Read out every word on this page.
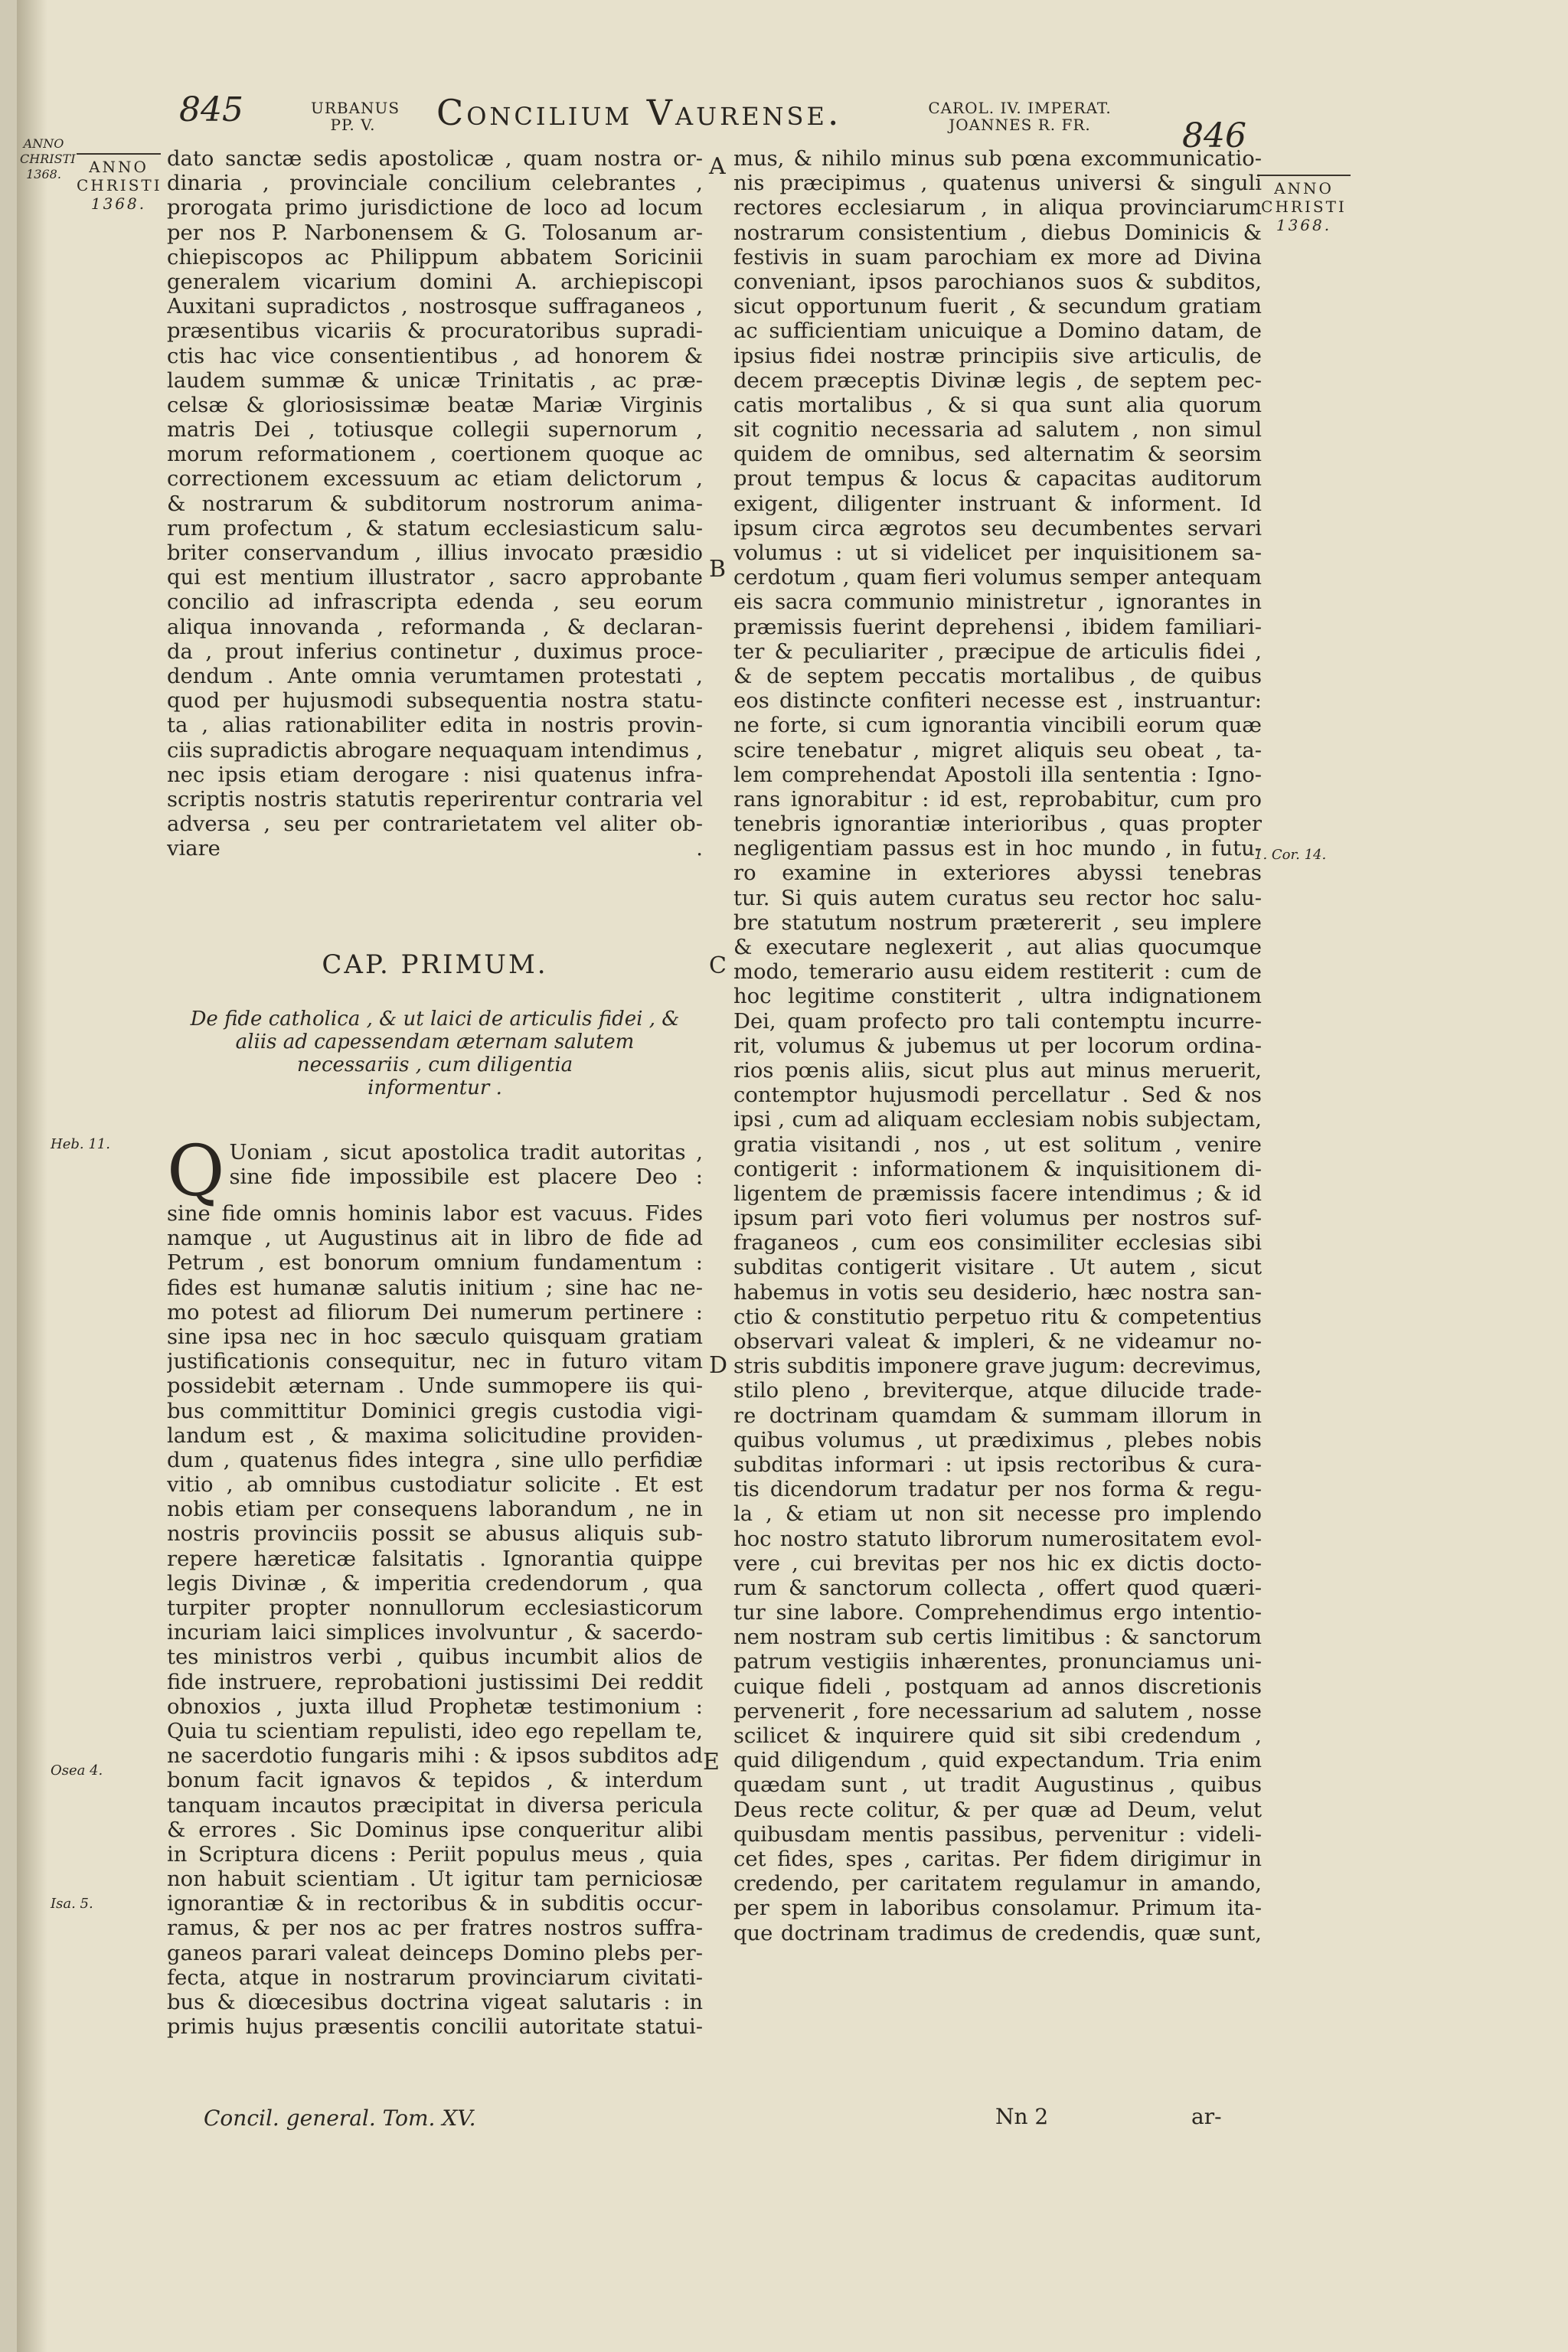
ANNO
CHRISTI
1368.
845	URBANUS
PP. V.	Concilium Vaurense.	CAROL. IV. IMPERAT.
JOANNES R. FR.	846
ANNO
CHRISTI
1368.
ANNO
CHRISTI
1368.
dato sanctæ sedis apostolicæ , quam nostra or-
dinaria , provinciale concilium celebrantes ,
prorogata primo jurisdictione de loco ad locum
per nos P. Narbonensem & G. Tolosanum ar-
chiepiscopos ac Philippum abbatem Soricinii
generalem vicarium domini A. archiepiscopi
Auxitani supradictos , nostrosque suffraganeos ,
præsentibus vicariis & procuratoribus supradi-
ctis hac vice consentientibus , ad honorem &
laudem summæ & unicæ Trinitatis , ac præ-
celsæ & gloriosissimæ beatæ Mariæ Virginis
matris Dei , totiusque collegii supernorum ,
morum reformationem , coertionem quoque ac
correctionem excessuum ac etiam delictorum ,
& nostrarum & subditorum nostrorum anima-
rum profectum , & statum ecclesiasticum salu-
briter conservandum , illius invocato præsidio
qui est mentium illustrator , sacro approbante
concilio ad infrascripta edenda , seu eorum
aliqua innovanda , reformanda , & declaran-
da , prout inferius continetur , duximus proce-
dendum . Ante omnia verumtamen protestati ,
quod per hujusmodi subsequentia nostra statu-
ta , alias rationabiliter edita in nostris provin-
ciis supradictis abrogare nequaquam intendimus ,
nec ipsis etiam derogare : nisi quatenus infra-
scriptis nostris statutis reperirentur contraria vel
adversa , seu per contrarietatem vel aliter ob-
viare .
CAP. PRIMUM.
De fide catholica , & ut laici de articulis fidei , &
aliis ad capessendam æternam salutem
necessariis , cum diligentia
informentur .
Q Uoniam , sicut apostolica tradit autoritas ,
sine fide impossibile est placere Deo :
sine fide omnis hominis labor est vacuus. Fides
namque , ut Augustinus ait in libro de fide ad
Petrum , est bonorum omnium fundamentum :
fides est humanæ salutis initium ; sine hac ne-
mo potest ad filiorum Dei numerum pertinere :
sine ipsa nec in hoc sæculo quisquam gratiam
justificationis consequitur, nec in futuro vitam
possidebit æternam . Unde summopere iis qui-
bus committitur Dominici gregis custodia vigi-
landum est , & maxima solicitudine providen-
dum , quatenus fides integra , sine ullo perfidiæ
vitio , ab omnibus custodiatur solicite . Et est
nobis etiam per consequens laborandum , ne in
nostris provinciis possit se abusus aliquis sub-
repere hæreticæ falsitatis . Ignorantia quippe
legis Divinæ , & imperitia credendorum , qua
turpiter propter nonnullorum ecclesiasticorum
incuriam laici simplices involvuntur , & sacerdo-
tes ministros verbi , quibus incumbit alios de
fide instruere, reprobationi justissimi Dei reddit
obnoxios , juxta illud Prophetæ testimonium :
Quia tu scientiam repulisti, ideo ego repellam te,
ne sacerdotio fungaris mihi : & ipsos subditos ad
bonum facit ignavos & tepidos , & interdum
tanquam incautos præcipitat in diversa pericula
& errores . Sic Dominus ipse conqueritur alibi
in Scriptura dicens : Periit populus meus , quia
non habuit scientiam . Ut igitur tam perniciosæ
ignorantiæ & in rectoribus & in subditis occur-
ramus, & per nos ac per fratres nostros suffra-
ganeos parari valeat deinceps Domino plebs per-
fecta, atque in nostrarum provinciarum civitati-
bus & diœcesibus doctrina vigeat salutaris : in
primis hujus præsentis concilii autoritate statui-
mus, & nihilo minus sub pœna excommunicatio-
nis præcipimus , quatenus universi & singuli
rectores ecclesiarum , in aliqua provinciarum
nostrarum consistentium , diebus Dominicis &
festivis in suam parochiam ex more ad Divina
conveniant, ipsos parochianos suos & subditos,
sicut opportunum fuerit , & secundum gratiam
ac sufficientiam unicuique a Domino datam, de
ipsius fidei nostræ principiis sive articulis, de
decem præceptis Divinæ legis , de septem pec-
catis mortalibus , & si qua sunt alia quorum
sit cognitio necessaria ad salutem , non simul
quidem de omnibus, sed alternatim & seorsim
prout tempus & locus & capacitas auditorum
exigent, diligenter instruant & informent. Id
ipsum circa ægrotos seu decumbentes servari
volumus : ut si videlicet per inquisitionem sa-
cerdotum , quam fieri volumus semper antequam
eis sacra communio ministretur , ignorantes in
præmissis fuerint deprehensi , ibidem familiari-
ter & peculiariter , præcipue de articulis fidei ,
& de septem peccatis mortalibus , de quibus
eos distincte confiteri necesse est , instruantur:
ne forte, si cum ignorantia vincibili eorum quæ
scire tenebatur , migret aliquis seu obeat , ta-
lem comprehendat Apostoli illa sententia : Igno-
rans ignorabitur : id est, reprobabitur, cum pro
tenebris ignorantiæ interioribus , quas propter
negligentiam passus est in hoc mundo , in futu-
ro examine in exteriores abyssi tenebras
tur. Si quis autem curatus seu rector hoc salu-
bre statutum nostrum prætererit , seu implere
& executare neglexerit , aut alias quocumque
modo, temerario ausu eidem restiterit : cum de
hoc legitime constiterit , ultra indignationem
Dei, quam profecto pro tali contemptu incurre-
rit, volumus & jubemus ut per locorum ordina-
rios pœnis aliis, sicut plus aut minus meruerit,
contemptor hujusmodi percellatur . Sed & nos
ipsi , cum ad aliquam ecclesiam nobis subjectam,
gratia visitandi , nos , ut est solitum , venire
contigerit : informationem & inquisitionem di-
ligentem de præmissis facere intendimus ; & id
ipsum pari voto fieri volumus per nostros suf-
fraganeos , cum eos consimiliter ecclesias sibi
subditas contigerit visitare . Ut autem , sicut
habemus in votis seu desiderio, hæc nostra san-
ctio & constitutio perpetuo ritu & competentius
observari valeat & impleri, & ne videamur no-
stris subditis imponere grave jugum: decrevimus,
stilo pleno , breviterque, atque dilucide trade-
re doctrinam quamdam & summam illorum in
quibus volumus , ut prædiximus , plebes nobis
subditas informari : ut ipsis rectoribus & cura-
tis dicendorum tradatur per nos forma & regu-
la , & etiam ut non sit necesse pro implendo
hoc nostro statuto librorum numerositatem evol-
vere , cui brevitas per nos hic ex dictis docto-
rum & sanctorum collecta , offert quod quæri-
tur sine labore. Comprehendimus ergo intentio-
nem nostram sub certis limitibus : & sanctorum
patrum vestigiis inhærentes, pronunciamus uni-
cuique fideli , postquam ad annos discretionis
pervenerit , fore necessarium ad salutem , nosse
scilicet & inquirere quid sit sibi credendum ,
quid diligendum , quid expectandum. Tria enim
quædam sunt , ut tradit Augustinus , quibus
Deus recte colitur, & per quæ ad Deum, velut
quibusdam mentis passibus, pervenitur : videli-
cet fides, spes , caritas. Per fidem dirigimur in
credendo, per caritatem regulamur in amando,
per spem in laboribus consolamur. Primum ita-
que doctrinam tradimus de credendis, quæ sunt,
A
B
C
D
E
Heb. 11.
Osea 4.
Isa. 5.
1. Cor. 14.
Concil. general. Tom. XV.	Nn 2	ar-
